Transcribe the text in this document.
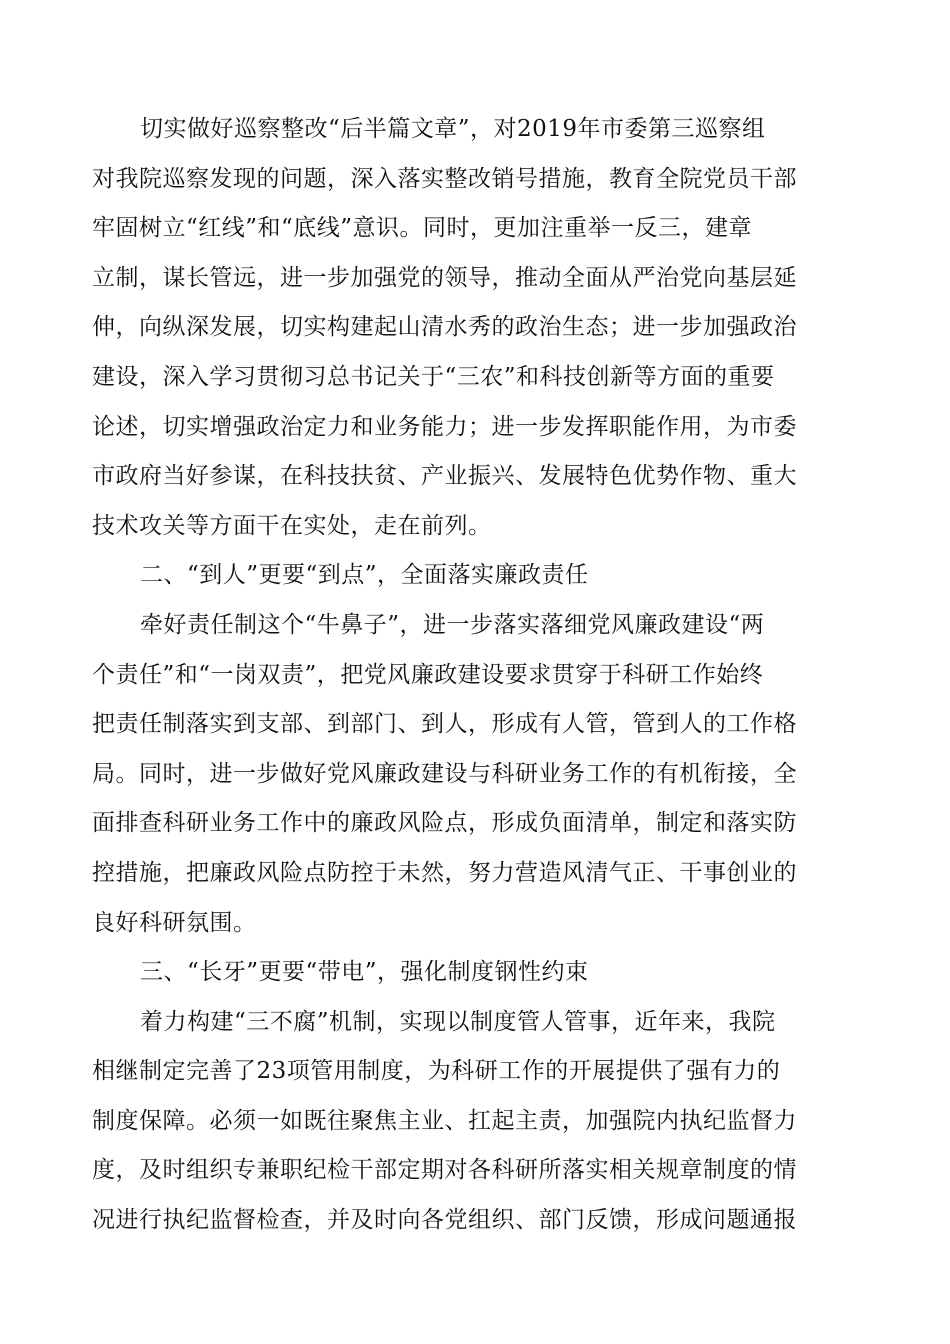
切实做好巡察整改“后半篇文章”，对2019年市委第三巡察组
对我院巡察发现的问题，深入落实整改销号措施，教育全院党员干部
牢固树立“红线”和“底线”意识。同时，更加注重举一反三，建章
立制，谋长管远，进一步加强党的领导，推动全面从严治党向基层延
伸，向纵深发展，切实构建起山清水秀的政治生态；进一步加强政治
建设，深入学习贯彻习总书记关于“三农”和科技创新等方面的重要
论述，切实增强政治定力和业务能力；进一步发挥职能作用，为市委
市政府当好参谋，在科技扶贫、产业振兴、发展特色优势作物、重大
技术攻关等方面干在实处，走在前列。
二、“到人”更要“到点”，全面落实廉政责任
牵好责任制这个“牛鼻子”，进一步落实落细党风廉政建设“两
个责任”和“一岗双责”，把党风廉政建设要求贯穿于科研工作始终
把责任制落实到支部、到部门、到人，形成有人管，管到人的工作格
局。同时，进一步做好党风廉政建设与科研业务工作的有机衔接，全
面排查科研业务工作中的廉政风险点，形成负面清单，制定和落实防
控措施，把廉政风险点防控于未然，努力营造风清气正、干事创业的
良好科研氛围。
三、“长牙”更要“带电”，强化制度钢性约束
着力构建“三不腐”机制，实现以制度管人管事，近年来，我院
相继制定完善了23项管用制度，为科研工作的开展提供了强有力的
制度保障。必须一如既往聚焦主业、扛起主责，加强院内执纪监督力
度，及时组织专兼职纪检干部定期对各科研所落实相关规章制度的情
况进行执纪监督检查，并及时向各党组织、部门反馈，形成问题通报
